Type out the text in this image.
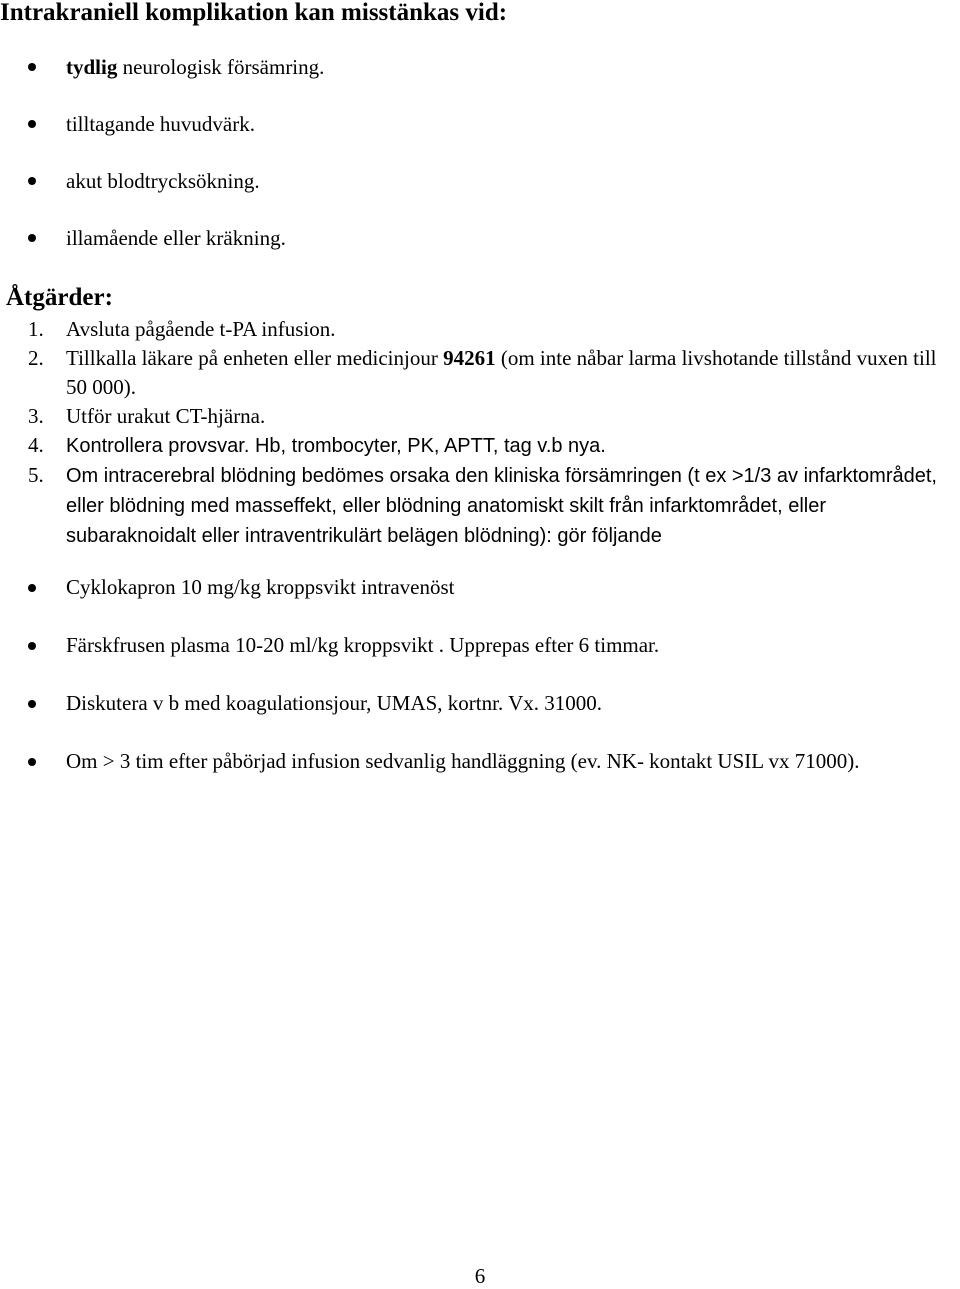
Intrakraniell komplikation kan misstänkas vid:
tydlig neurologisk försämring.
tilltagande huvudvärk.
akut blodtrycksökning.
illamående eller kräkning.
Åtgärder:
1. Avsluta pågående t-PA infusion.
2. Tillkalla läkare på enheten eller medicinjour 94261 (om inte nåbar larma livshotande tillstånd vuxen till 50 000).
3. Utför urakut CT-hjärna.
4. Kontrollera provsvar. Hb, trombocyter, PK, APTT, tag v.b nya.
5. Om intracerebral blödning bedömes orsaka den kliniska försämringen (t ex >1/3 av infarktområdet, eller blödning med masseffekt, eller blödning anatomiskt skilt från infarktområdet, eller subaraknoidalt eller intraventrikulärt belägen blödning): gör följande
Cyklokapron 10 mg/kg kroppsvikt intravenöst
Färskfrusen plasma 10-20 ml/kg kroppsvikt . Upprepas efter 6 timmar.
Diskutera v b med koagulationsjour, UMAS, kortnr. Vx. 31000.
Om > 3 tim efter påbörjad infusion sedvanlig handläggning (ev. NK- kontakt USIL vx 71000).
6
